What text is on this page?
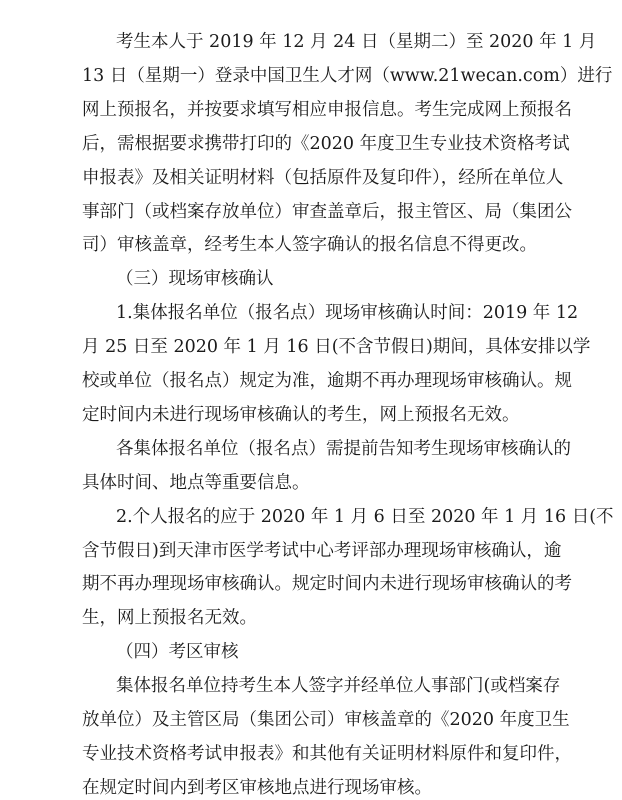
考生本人于 2019 年 12 月 24 日（星期二）至 2020 年 1 月
13 日（星期一）登录中国卫生人才网（www.21wecan.com）进行
网上预报名，并按要求填写相应申报信息。考生完成网上预报名
后，需根据要求携带打印的《2020 年度卫生专业技术资格考试
申报表》及相关证明材料（包括原件及复印件），经所在单位人
事部门（或档案存放单位）审查盖章后，报主管区、局（集团公
司）审核盖章，经考生本人签字确认的报名信息不得更改。
（三）现场审核确认
1.集体报名单位（报名点）现场审核确认时间：2019 年 12
月 25 日至 2020 年 1 月 16 日(不含节假日)期间，具体安排以学
校或单位（报名点）规定为准，逾期不再办理现场审核确认。规
定时间内未进行现场审核确认的考生，网上预报名无效。
各集体报名单位（报名点）需提前告知考生现场审核确认的
具体时间、地点等重要信息。
2.个人报名的应于 2020 年 1 月 6 日至 2020 年 1 月 16 日(不
含节假日)到天津市医学考试中心考评部办理现场审核确认，逾
期不再办理现场审核确认。规定时间内未进行现场审核确认的考
生，网上预报名无效。
（四）考区审核
集体报名单位持考生本人签字并经单位人事部门(或档案存
放单位）及主管区局（集团公司）审核盖章的《2020 年度卫生
专业技术资格考试申报表》和其他有关证明材料原件和复印件，
在规定时间内到考区审核地点进行现场审核。
